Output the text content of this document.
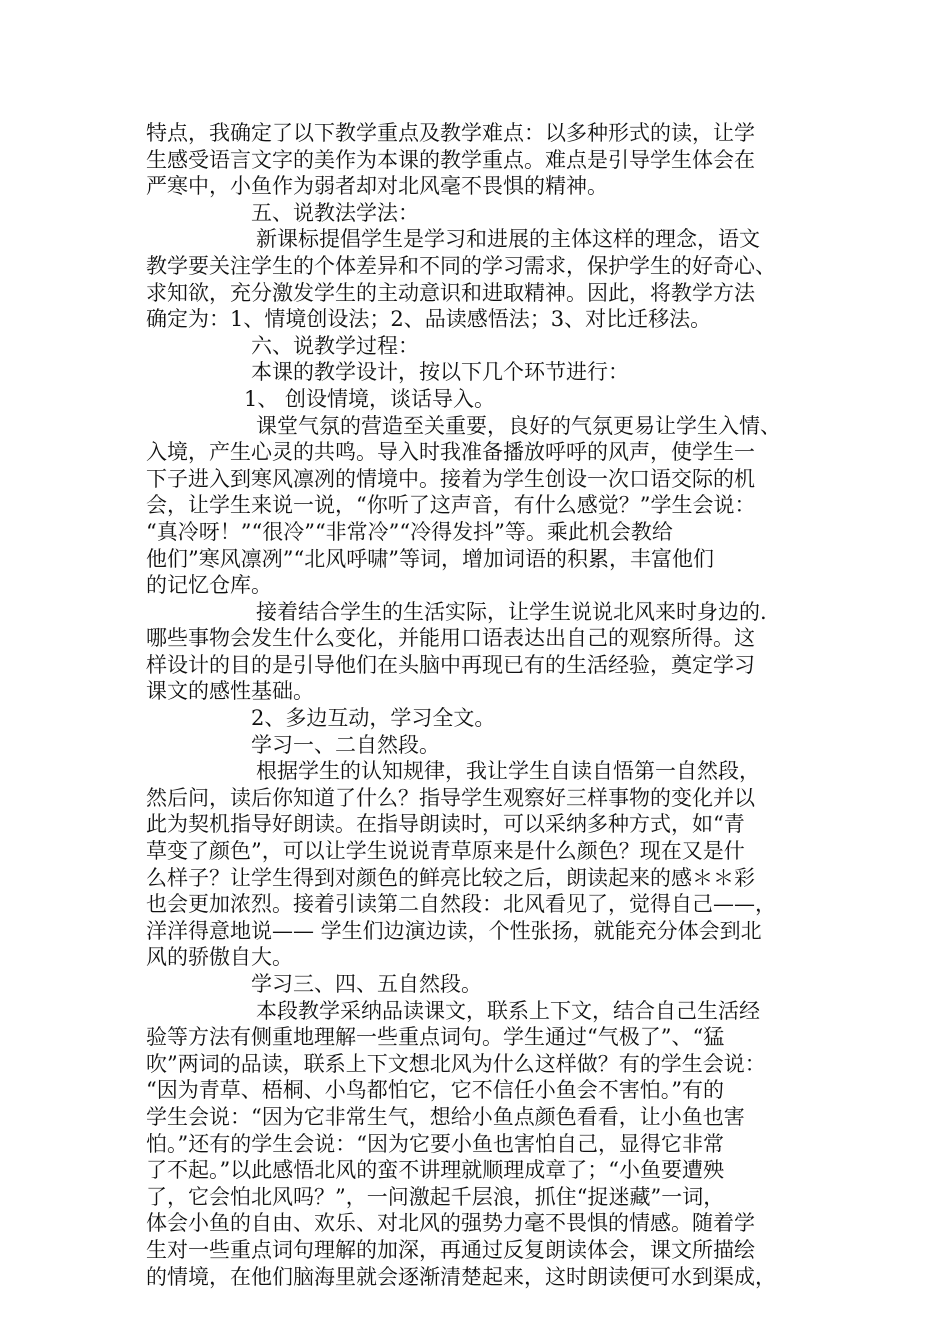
特点，我确定了以下教学重点及教学难点：以多种形式的读，让学
生感受语言文字的美作为本课的教学重点。难点是引导学生体会在
严寒中，小鱼作为弱者却对北风毫不畏惧的精神。
五、说教法学法：
新课标提倡学生是学习和进展的主体这样的理念，语文
教学要关注学生的个体差异和不同的学习需求，保护学生的好奇心、
求知欲，充分激发学生的主动意识和进取精神。因此，将教学方法
确定为：1、情境创设法；2、品读感悟法；3、对比迁移法。
六、说教学过程：
本课的教学设计，按以下几个环节进行：
1、 创设情境，谈话导入。
课堂气氛的营造至关重要，良好的气氛更易让学生入情、
入境，产生心灵的共鸣。导入时我准备播放呼呼的风声，使学生一
下子进入到寒风凛冽的情境中。接着为学生创设一次口语交际的机
会，让学生来说一说，“你听了这声音，有什么感觉？”学生会说：
“真冷呀！”“很冷”“非常冷”“冷得发抖”等。乘此机会教给
他们”寒风凛冽”“北风呼啸”等词，增加词语的积累，丰富他们
的记忆仓库。
接着结合学生的生活实际，让学生说说北风来时身边的.
哪些事物会发生什么变化，并能用口语表达出自己的观察所得。这
样设计的目的是引导他们在头脑中再现已有的生活经验，奠定学习
课文的感性基础。
2、多边互动，学习全文。
学习一、二自然段。
根据学生的认知规律，我让学生自读自悟第一自然段，
然后问，读后你知道了什么？指导学生观察好三样事物的变化并以
此为契机指导好朗读。在指导朗读时，可以采纳多种方式，如“青
草变了颜色”，可以让学生说说青草原来是什么颜色？现在又是什
么样子？让学生得到对颜色的鲜亮比较之后，朗读起来的感＊＊彩
也会更加浓烈。接着引读第二自然段：北风看见了，觉得自己——，
洋洋得意地说—— 学生们边演边读，个性张扬，就能充分体会到北
风的骄傲自大。
学习三、四、五自然段。
本段教学采纳品读课文，联系上下文，结合自己生活经
验等方法有侧重地理解一些重点词句。学生通过“气极了”、“猛
吹”两词的品读，联系上下文想北风为什么这样做？有的学生会说：
“因为青草、梧桐、小鸟都怕它，它不信任小鱼会不害怕。”有的
学生会说：“因为它非常生气，想给小鱼点颜色看看，让小鱼也害
怕。”还有的学生会说：“因为它要小鱼也害怕自己，显得它非常
了不起。”以此感悟北风的蛮不讲理就顺理成章了；“小鱼要遭殃
了，它会怕北风吗？”，一问激起千层浪，抓住“捉迷藏”一词，
体会小鱼的自由、欢乐、对北风的强势力毫不畏惧的情感。随着学
生对一些重点词句理解的加深，再通过反复朗读体会，课文所描绘
的情境，在他们脑海里就会逐渐清楚起来，这时朗读便可水到渠成，
